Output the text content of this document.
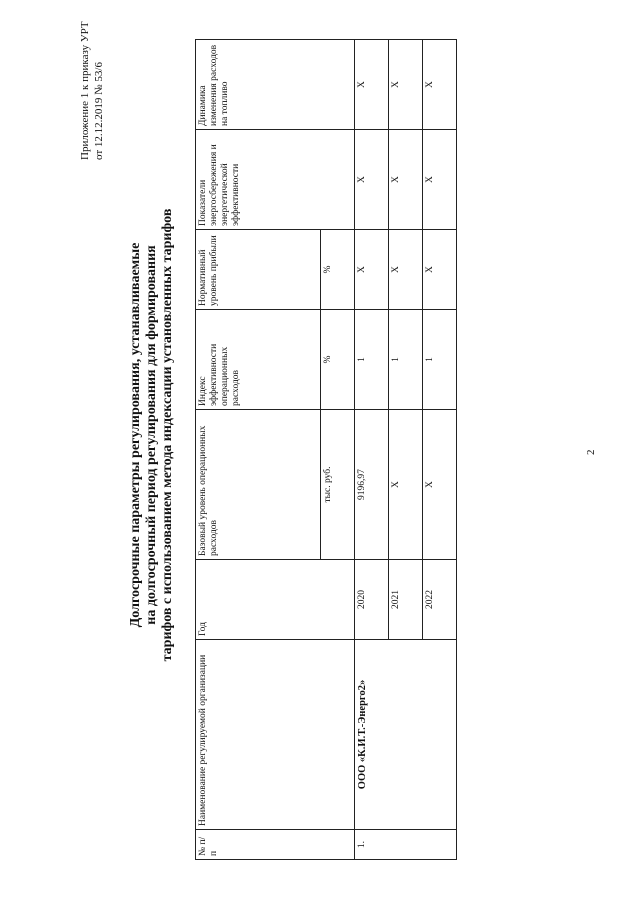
2
Приложение 1 к приказу УРТ от 12.12.2019 № 53/6
Долгосрочные параметры регулирования, устанавливаемые на долгосрочный период регулирования для формирования тарифов с использованием метода индексации установленных тарифов
№ п/п	Наименование регулируемой организации	Год	Базовый уровень операционных расходов	Индекс эффективности операционных расходов	Нормативный уровень прибыли	Показатели энергосбережения и энергетической эффективности	Динамика изменения расходов на топливо
			тыс. руб.	%	%		
1.	ООО «К.И.Т.-Энерго2»	2020	9196,97	1	X	X	X
		2021	X	1	X	X	X
		2022	X	1	X	X	X
